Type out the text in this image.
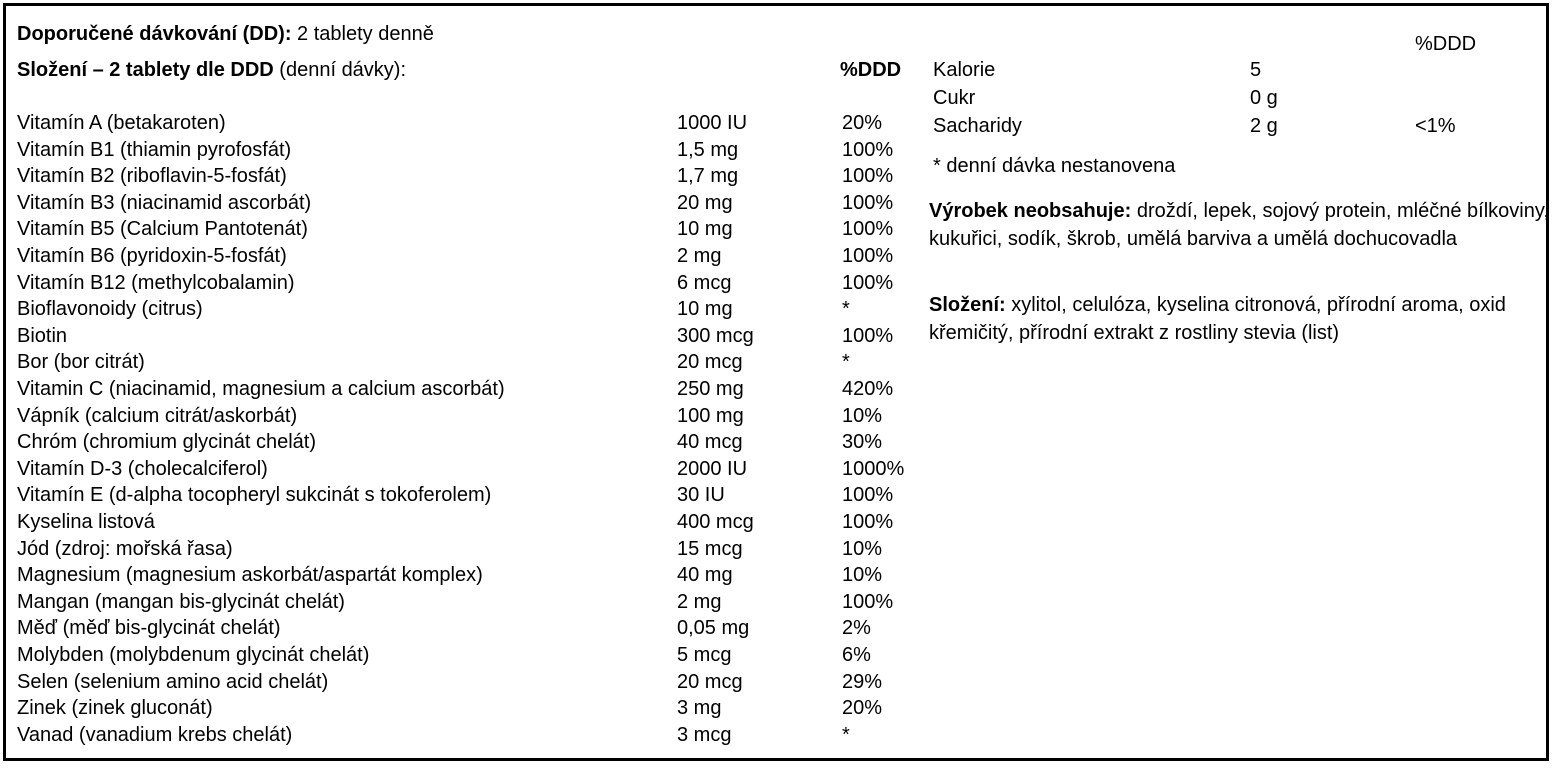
Doporučené dávkování (DD): 2 tablety denně
Složení – 2 tablety dle DDD (denní dávky):	%DDD
Vitamín A (betakaroten)	1000 IU	20%
Vitamín B1 (thiamin pyrofosfát)	1,5 mg	100%
Vitamín B2 (riboflavin-5-fosfát)	1,7 mg	100%
Vitamín B3 (niacinamid ascorbát)	20 mg	100%
Vitamín B5 (Calcium Pantotenát)	10 mg	100%
Vitamín B6 (pyridoxin-5-fosfát)	2 mg	100%
Vitamín B12 (methylcobalamin)	6 mcg	100%
Bioflavonoidy (citrus)	10 mg	*
Biotin	300 mcg	100%
Bor (bor citrát)	20 mcg	*
Vitamin C (niacinamid, magnesium a calcium ascorbát)	250 mg	420%
Vápník (calcium citrát/askorbát)	100 mg	10%
Chróm (chromium glycinát chelát)	40 mcg	30%
Vitamín D-3 (cholecalciferol)	2000 IU	1000%
Vitamín E (d-alpha tocopheryl sukcinát s tokoferolem)	30 IU	100%
Kyselina listová	400 mcg	100%
Jód (zdroj: mořská řasa)	15 mcg	10%
Magnesium (magnesium askorbát/aspartát komplex)	40 mg	10%
Mangan (mangan bis-glycinát chelát)	2 mg	100%
Měď (měď bis-glycinát chelát)	0,05 mg	2%
Molybden (molybdenum glycinát chelát)	5 mcg	6%
Selen (selenium amino acid chelát)	20 mcg	29%
Zinek (zinek gluconát)	3 mg	20%
Vanad (vanadium krebs chelát)	3 mcg	*
%DDD
Kalorie	5
Cukr	0 g
Sacharidy	2 g	<1%
* denní dávka nestanovena
Výrobek neobsahuje: droždí, lepek, sojový protein, mléčné bílkoviny, kukuřici, sodík, škrob, umělá barviva a umělá dochucovadla
Složení: xylitol, celulóza, kyselina citronová, přírodní aroma, oxid křemičitý, přírodní extrakt z rostliny stevia (list)
